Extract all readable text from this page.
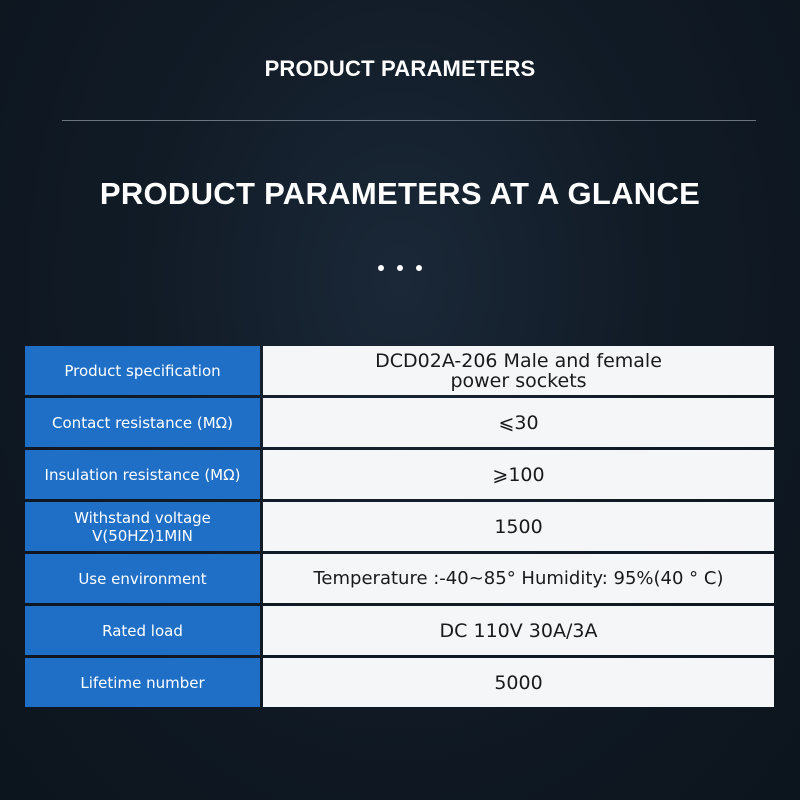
PRODUCT PARAMETERS
PRODUCT PARAMETERS AT A GLANCE
Product specification	DCD02A-206 Male and female
power sockets
Contact resistance (MΩ)	⩽30
Insulation resistance (MΩ)	⩾100
Withstand voltage
V(50HZ)1MIN	1500
Use environment	Temperature :-40~85° Humidity: 95%(40 ° C)
Rated load	DC 110V 30A/3A
Lifetime number	5000
